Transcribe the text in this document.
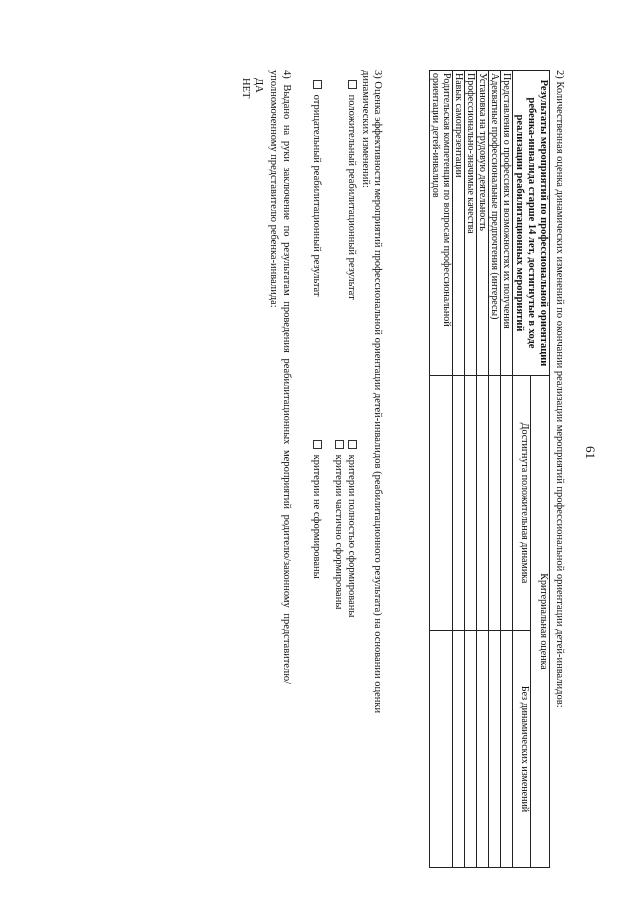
61
2) Количественная оценка динамических изменений по окончании реализации мероприятий профессиональной ориентации детей-инвалидов:
Результаты мероприятий по профессиональной ориентации ребенка-инвалида старше 14 лет, достигнутые в ходе реализации реабилитационных мероприятий	Критериальная оценка	
	Достигнута положительная динамика	Без динамических изменений
Представления о профессиях и возможностях их получения		
Адекватные профессиональные предпочтения (интересы)		
Установка на трудовую деятельность		
Профессионально-значимые качества		
Навык самопрезентации		
Родительская компетенция по вопросам профессиональной ориентации детей-инвалидов		
3) Оценка эффективности мероприятий профессиональной ориентации детей-инвалидов (реабилитационного результата) на основании оценки
динамических изменений:
положительный реабилитационный результат
отрицательный реабилитационный результат
критерии полностью сформированы
критерии частично сформированы
критерии не сформированы
4) Выдано на руки заключение по результатам проведения реабилитационных мероприятий родителю/законному представителю/
уполномоченному представителю ребенка-инвалида:
ДА
НЕТ
